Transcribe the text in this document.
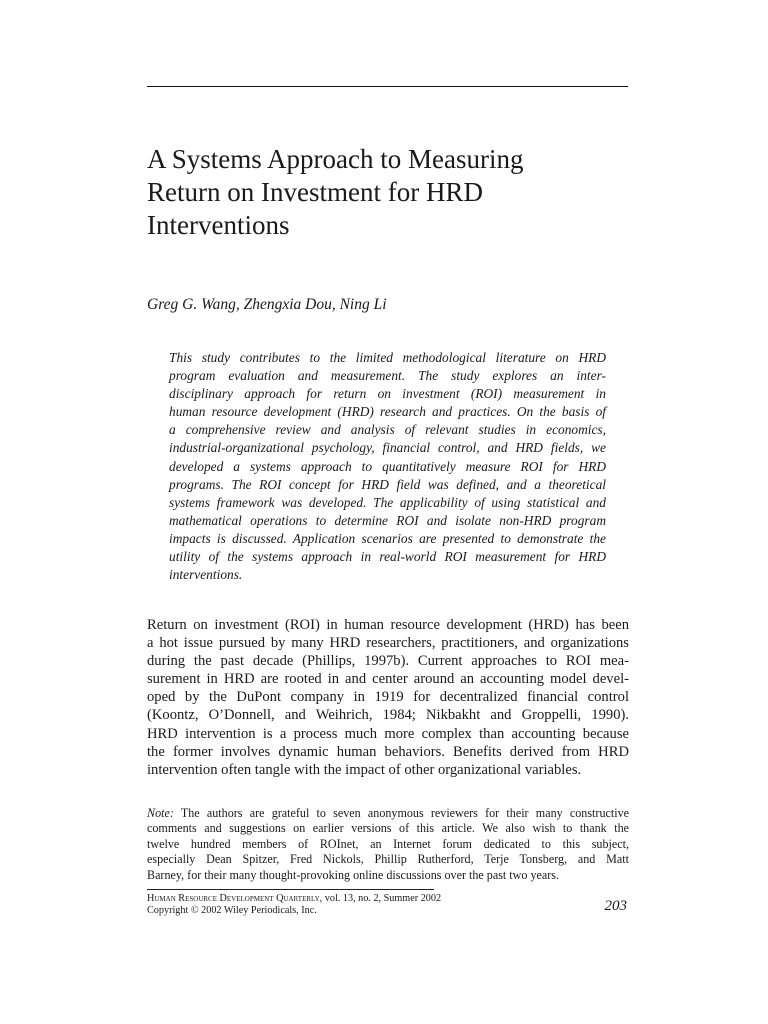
A Systems Approach to Measuring
Return on Investment for HRD
Interventions
Greg G. Wang, Zhengxia Dou, Ning Li
This study contributes to the limited methodological literature on HRD
program evaluation and measurement. The study explores an inter-
disciplinary approach for return on investment (ROI) measurement in
human resource development (HRD) research and practices. On the basis of
a comprehensive review and analysis of relevant studies in economics,
industrial-organizational psychology, financial control, and HRD fields, we
developed a systems approach to quantitatively measure ROI for HRD
programs. The ROI concept for HRD field was defined, and a theoretical
systems framework was developed. The applicability of using statistical and
mathematical operations to determine ROI and isolate non-HRD program
impacts is discussed. Application scenarios are presented to demonstrate the
utility of the systems approach in real-world ROI measurement for HRD
interventions.
Return on investment (ROI) in human resource development (HRD) has been
a hot issue pursued by many HRD researchers, practitioners, and organizations
during the past decade (Phillips, 1997b). Current approaches to ROI mea-
surement in HRD are rooted in and center around an accounting model devel-
oped by the DuPont company in 1919 for decentralized financial control
(Koontz, O’Donnell, and Weihrich, 1984; Nikbakht and Groppelli, 1990).
HRD intervention is a process much more complex than accounting because
the former involves dynamic human behaviors. Benefits derived from HRD
intervention often tangle with the impact of other organizational variables.
Note: The authors are grateful to seven anonymous reviewers for their many constructive
comments and suggestions on earlier versions of this article. We also wish to thank the
twelve hundred members of ROInet, an Internet forum dedicated to this subject,
especially Dean Spitzer, Fred Nickols, Phillip Rutherford, Terje Tonsberg, and Matt
Barney, for their many thought-provoking online discussions over the past two years.
Human Resource Development Quarterly, vol. 13, no. 2, Summer 2002
Copyright © 2002 Wiley Periodicals, Inc.	203
